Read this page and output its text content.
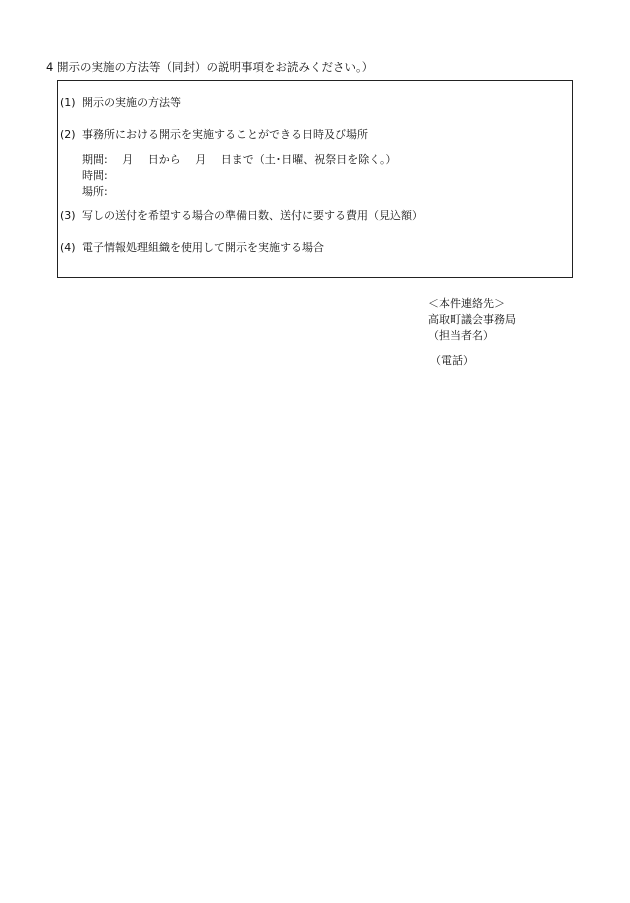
4 開示の実施の方法等（同封）の説明事項をお読みください。）
(1) 開示の実施の方法等
(2) 事務所における開示を実施することができる日時及び場所
期間:　 月　 日から　 月　 日まで（土･日曜、祝祭日を除く。）
時間:
場所:
(3) 写しの送付を希望する場合の準備日数、送付に要する費用（見込額）
(4) 電子情報処理組織を使用して開示を実施する場合
＜本件連絡先＞
高取町議会事務局
（担当者名）
（電話）
